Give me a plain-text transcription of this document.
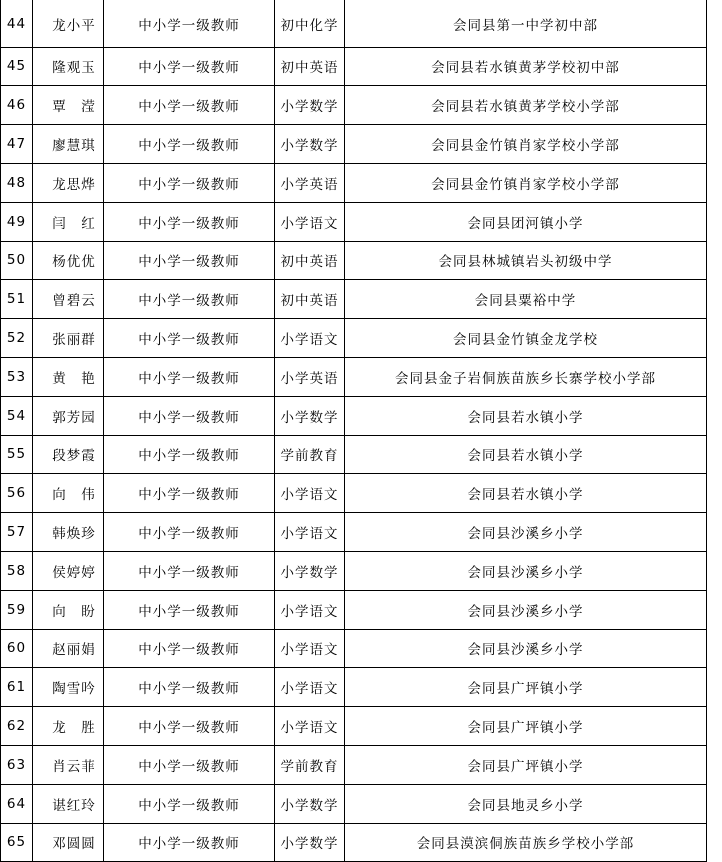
44	龙小平	中小学一级教师	初中化学	会同县第一中学初中部
45	隆观玉	中小学一级教师	初中英语	会同县若水镇黄茅学校初中部
46	覃　滢	中小学一级教师	小学数学	会同县若水镇黄茅学校小学部
47	廖慧琪	中小学一级教师	小学数学	会同县金竹镇肖家学校小学部
48	龙思烨	中小学一级教师	小学英语	会同县金竹镇肖家学校小学部
49	闫　红	中小学一级教师	小学语文	会同县团河镇小学
50	杨优优	中小学一级教师	初中英语	会同县林城镇岩头初级中学
51	曾碧云	中小学一级教师	初中英语	会同县粟裕中学
52	张丽群	中小学一级教师	小学语文	会同县金竹镇金龙学校
53	黄　艳	中小学一级教师	小学英语	会同县金子岩侗族苗族乡长寨学校小学部
54	郭芳园	中小学一级教师	小学数学	会同县若水镇小学
55	段梦霞	中小学一级教师	学前教育	会同县若水镇小学
56	向　伟	中小学一级教师	小学语文	会同县若水镇小学
57	韩焕珍	中小学一级教师	小学语文	会同县沙溪乡小学
58	侯婷婷	中小学一级教师	小学数学	会同县沙溪乡小学
59	向　盼	中小学一级教师	小学语文	会同县沙溪乡小学
60	赵丽娟	中小学一级教师	小学语文	会同县沙溪乡小学
61	陶雪吟	中小学一级教师	小学语文	会同县广坪镇小学
62	龙　胜	中小学一级教师	小学语文	会同县广坪镇小学
63	肖云菲	中小学一级教师	学前教育	会同县广坪镇小学
64	谌红玲	中小学一级教师	小学数学	会同县地灵乡小学
65	邓圆圆	中小学一级教师	小学数学	会同县漠滨侗族苗族乡学校小学部
